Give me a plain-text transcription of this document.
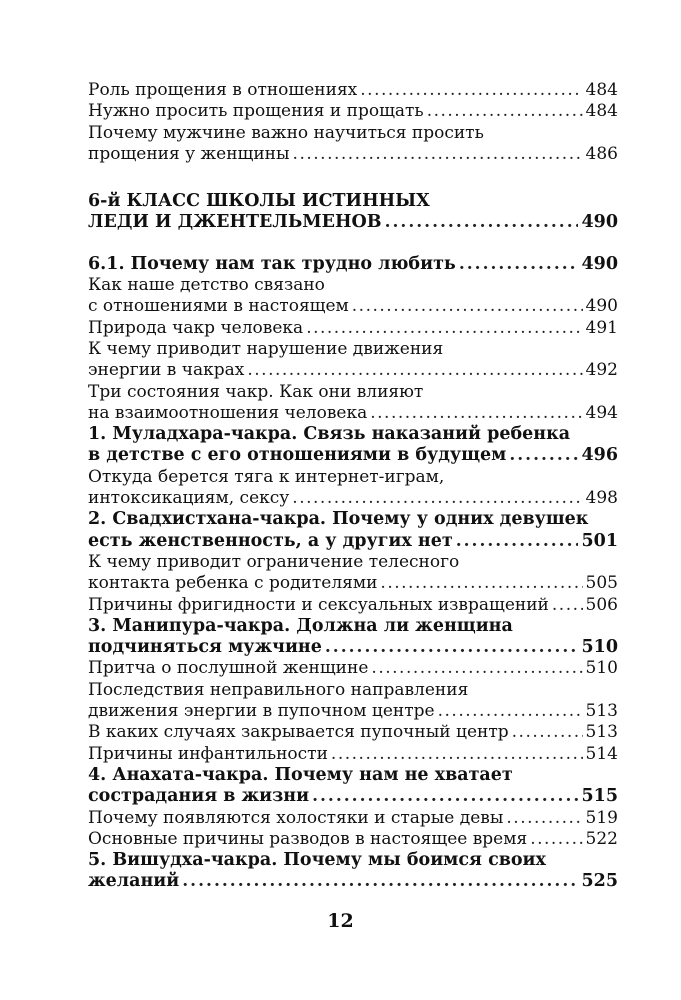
Роль прощения в отношениях .....	484
Нужно просить прощения и прощать .....	484
Почему мужчине важно научиться просить
прощения у женщины .....	486
6-й КЛАСС ШКОЛЫ ИСТИННЫХ
ЛЕДИ И ДЖЕНТЕЛЬМЕНОВ .....	490
6.1. Почему нам так трудно любить .....	490
Как наше детство связано
с отношениями в настоящем .....	490
Природа чакр человека .....	491
К чему приводит нарушение движения
энергии в чакрах .....	492
Три состояния чакр. Как они влияют
на взаимоотношения человека .....	494
1. Муладхара-чакра. Связь наказаний ребенка
в детстве с его отношениями в будущем .....	496
Откуда берется тяга к интернет-играм,
интоксикациям, сексу .....	498
2. Свадхистхана-чакра. Почему у одних девушек
есть женственность, а у других нет .....	501
К чему приводит ограничение телесного
контакта ребенка с родителями .....	505
Причины фригидности и сексуальных извращений ..... 506
3. Манипура-чакра. Должна ли женщина
подчиняться мужчине .....	510
Притча о послушной женщине .....	510
Последствия неправильного направления
движения энергии в пупочном центре .....	513
В каких случаях закрывается пупочный центр .....	513
Причины инфантильности .....	514
4. Анахата-чакра. Почему нам не хватает
сострадания в жизни .....	515
Почему появляются холостяки и старые девы .....	519
Основные причины разводов в настоящее время .....	522
5. Вишудха-чакра. Почему мы боимся своих
желаний .....	525
12
